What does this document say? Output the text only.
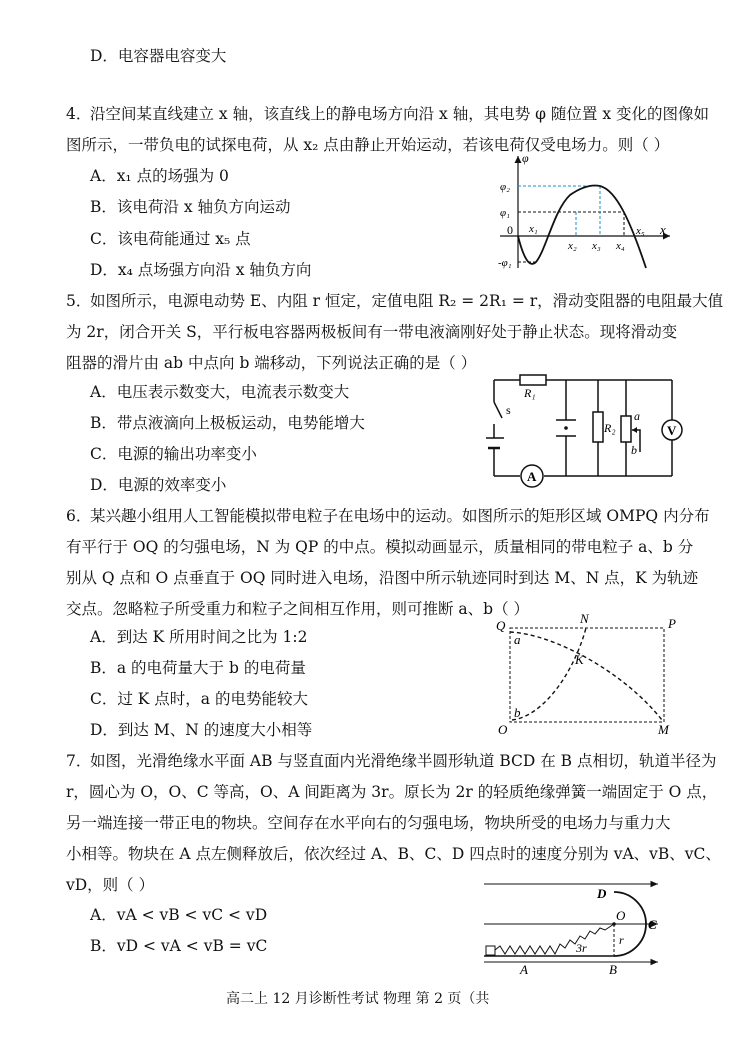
D．电容器电容变大
4．
沿空间某直线建立 x 轴，该直线上的静电场方向沿 x 轴，其电势 φ 随位置 x 变化的图像如
图所示，一带负电的试探电荷，从 x₂ 点由静止开始运动，若该电荷仅受电场力。则（ ）
A．x₁ 点的场强为 0
B．该电荷沿 x 轴负方向运动
C．该电荷能通过 x₅ 点
D．x₄ 点场强方向沿 x 轴负方向
φ
x
0
φ₂
φ₁
-φ₁
x₁
x₂ x₃ x₄
x₅
5．
如图所示，电源电动势 E、内阻 r 恒定，定值电阻 R₂ = 2R₁ = r，滑动变阻器的电阻最大值
为 2r，闭合开关 S，平行板电容器两极板间有一带电液滴刚好处于静止状态。现将滑动变
阻器的滑片由 ab 中点向 b 端移动，下列说法正确的是（ ）
A．电压表示数变大，电流表示数变大
B．带点液滴向上极板运动，电势能增大
C．电源的输出功率变小
D．电源的效率变小
R₁
R₂
s	a
b
V
A
6．
某兴趣小组用人工智能模拟带电粒子在电场中的运动。如图所示的矩形区域 OMPQ 内分布
有平行于 OQ 的匀强电场，N 为 QP 的中点。模拟动画显示，质量相同的带电粒子 a、b 分
别从 Q 点和 O 点垂直于 OQ 同时进入电场，沿图中所示轨迹同时到达 M、N 点，K 为轨迹
交点。忽略粒子所受重力和粒子之间相互作用，则可推断 a、b（ ）
A．到达 K 所用时间之比为 1:2
B．a 的电荷量大于 b 的电荷量
C．过 K 点时，a 的电势能较大
D．到达 M、N 的速度大小相等
Q	N	P
O	M
K
a
b
7．
如图，光滑绝缘水平面 AB 与竖直面内光滑绝缘半圆形轨道 BCD 在 B 点相切，轨道半径为
r，圆心为 O，O、C 等高，O、A 间距离为 3r。原长为 2r 的轻质绝缘弹簧一端固定于 O 点，
另一端连接一带正电的物块。空间存在水平向右的匀强电场，物块所受的电场力与重力大
小相等。物块在 A 点左侧释放后，依次经过 A、B、C、D 四点时的速度分别为 vA、vB、vC、
vD，则（ ）
A．vA < vB < vC < vD
B．vD < vA < vB = vC
D
O
C
3r
r
A	B
高二上 12 月诊断性考试 物理 第 2 页（共
